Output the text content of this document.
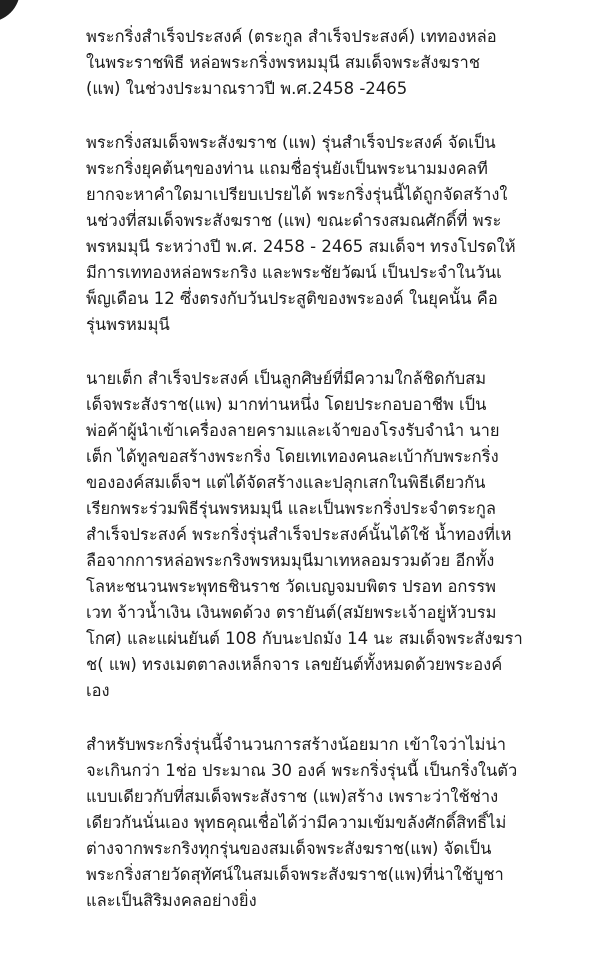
พระกริ่งสำเร็จประสงค์ (ตระกูล สำเร็จประสงค์) เททองหล่อ
ในพระราชพิธี หล่อพระกริ่งพรหมมุนี สมเด็จพระสังฆราช
(แพ) ในช่วงประมาณราวปี พ.ศ.2458 -2465

พระกริ่งสมเด็จพระสังฆราช (แพ) รุ่นสำเร็จประสงค์ จัดเป็น
พระกริ่งยุคต้นๆของท่าน แถมชื่อรุ่นยังเป็นพระนามมงคลที
ยากจะหาคำใดมาเปรียบเปรยได้ พระกริ่งรุ่นนี้ได้ถูกจัดสร้างใ
นช่วงที่สมเด็จพระสังฆราช (แพ) ขณะดำรงสมณศักดิ์ที่ พระ
พรหมมุนี ระหว่างปี พ.ศ. 2458 - 2465 สมเด็จฯ ทรงโปรดให้
มีการเททองหล่อพระกริง และพระชัยวัฒน์ เป็นประจำในวันเ
พ็ญเดือน 12 ซึ่งตรงกับวันประสูติของพระองค์ ในยุคนั้น คือ
รุ่นพรหมมุนี

นายเต็ก สำเร็จประสงค์ เป็นลูกศิษย์ที่มีความใกล้ชิดกับสม
เด็จพระสังราช(แพ) มากท่านหนึ่ง โดยประกอบอาชีพ เป็น
พ่อค้าผู้นำเข้าเครื่องลายครามและเจ้าของโรงรับจำนำ นาย
เต็ก ได้ทูลขอสร้างพระกริ่ง โดยเทเทองคนละเบ้ากับพระกริ่ง
ขององค์สมเด็จฯ แต่ได้จัดสร้างและปลุกเสกในพิธีเดียวกัน
เรียกพระร่วมพิธีรุ่นพรหมมุนี และเป็นพระกริ่งประจำตระกูล
สำเร็จประสงค์ พระกริ่งรุ่นสำเร็จประสงค์นั้นได้ใช้ น้ำทองที่เห
ลือจากการหล่อพระกริงพรหมมุนีมาเทหลอมรวมด้วย อีกทั้ง
โลหะชนวนพระพุทธชินราช วัดเบญจมบพิตร ปรอท อกรรพ
เวท จ้าวน้ำเงิน เงินพดด้วง ตรายันต์(สมัยพระเจ้าอยู่หัวบรม
โกศ) และแผ่นยันต์ 108 กับนะปถมัง 14 นะ สมเด็จพระสังฆรา
ช( แพ) ทรงเมตตาลงเหล็กจาร เลขยันต์ทั้งหมดด้วยพระองค์
เอง

สำหรับพระกริ่งรุ่นนี้จำนวนการสร้างน้อยมาก เข้าใจว่าไม่น่า
จะเกินกว่า 1ช่อ ประมาณ 30 องค์ พระกริ่งรุ่นนี้ เป็นกริ่งในตัว
แบบเดียวกับที่สมเด็จพระสังราช (แพ)สร้าง เพราะว่าใช้ช่าง
เดียวกันนั่นเอง พุทธคุณเชื่อได้ว่ามีความเข้มขลังศักดิ์สิทธิ์ไม่
ต่างจากพระกริงทุกรุ่นของสมเด็จพระสังฆราช(แพ) จัดเป็น
พระกริ่งสายวัดสุทัศน์ในสมเด็จพระสังฆราช(แพ)ที่น่าใช้บูชา
และเป็นสิริมงคลอย่างยิ่ง
